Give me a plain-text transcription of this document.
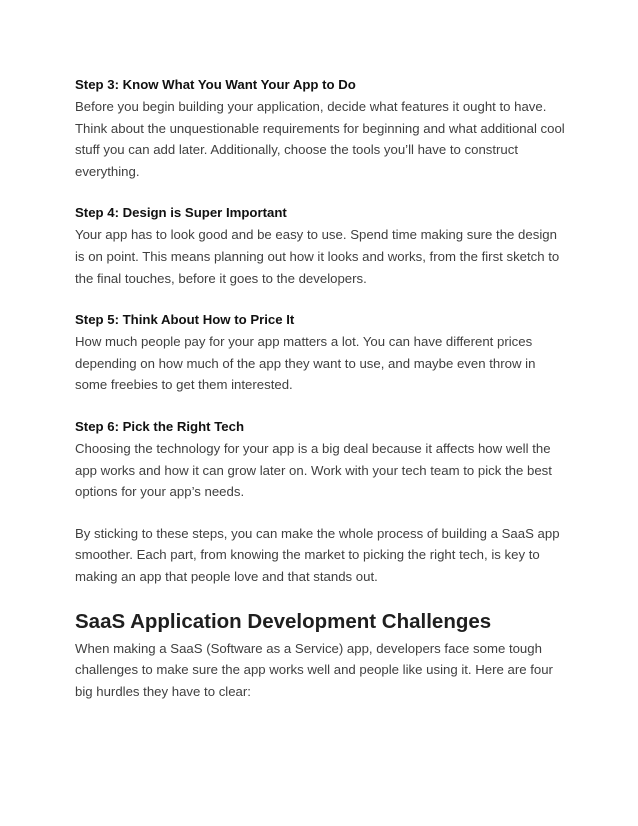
Step 3: Know What You Want Your App to Do

Before you begin building your application, decide what features it ought to have. Think about the unquestionable requirements for beginning and what additional cool stuff you can add later. Additionally, choose the tools you’ll have to construct everything.

Step 4: Design is Super Important

Your app has to look good and be easy to use. Spend time making sure the design is on point. This means planning out how it looks and works, from the first sketch to the final touches, before it goes to the developers.

Step 5: Think About How to Price It

How much people pay for your app matters a lot. You can have different prices depending on how much of the app they want to use, and maybe even throw in some freebies to get them interested.

Step 6: Pick the Right Tech

Choosing the technology for your app is a big deal because it affects how well the app works and how it can grow later on. Work with your tech team to pick the best options for your app’s needs.

By sticking to these steps, you can make the whole process of building a SaaS app smoother. Each part, from knowing the market to picking the right tech, is key to making an app that people love and that stands out.

SaaS Application Development Challenges

When making a SaaS (Software as a Service) app, developers face some tough challenges to make sure the app works well and people like using it. Here are four big hurdles they have to clear:
